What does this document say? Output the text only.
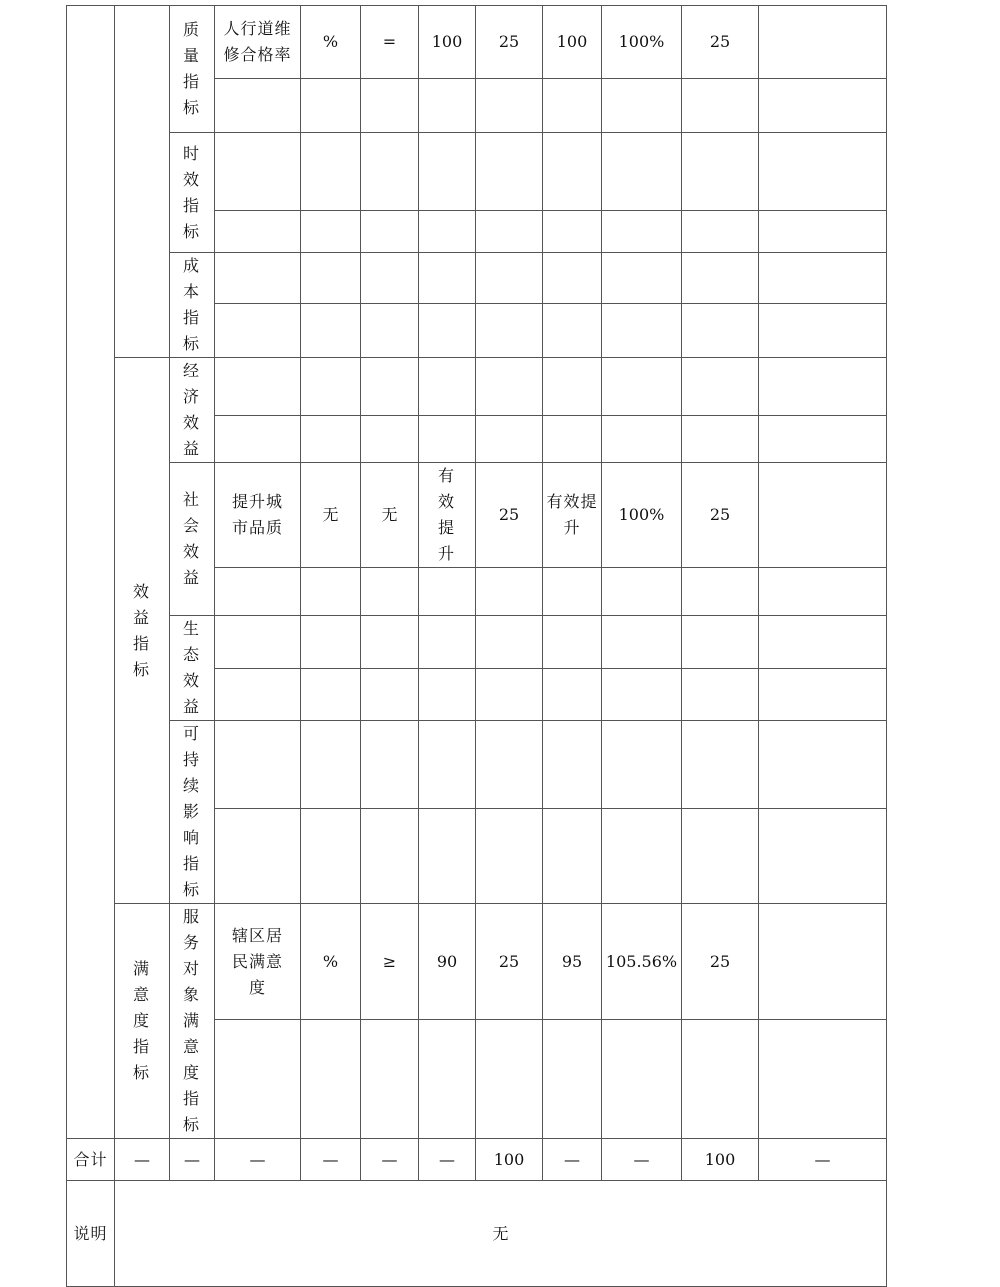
		质量指标	人行道维修合格率	%	=	100	25	100	100%	25	

		时效指标									

		成本指标									

	效益指标	经济效益									

		社会效益	提升城市品质	无	无	有效提升	25	有效提升	100%	25	

		生态效益									

		可持续影响指标									

	满意度指标	服务对象满意度指标	辖区居民满意度	%	≥	90	25	95	105.56%	25	

合计	—	—	—	—	—	—	100	—	—	100	—
说明	无										
